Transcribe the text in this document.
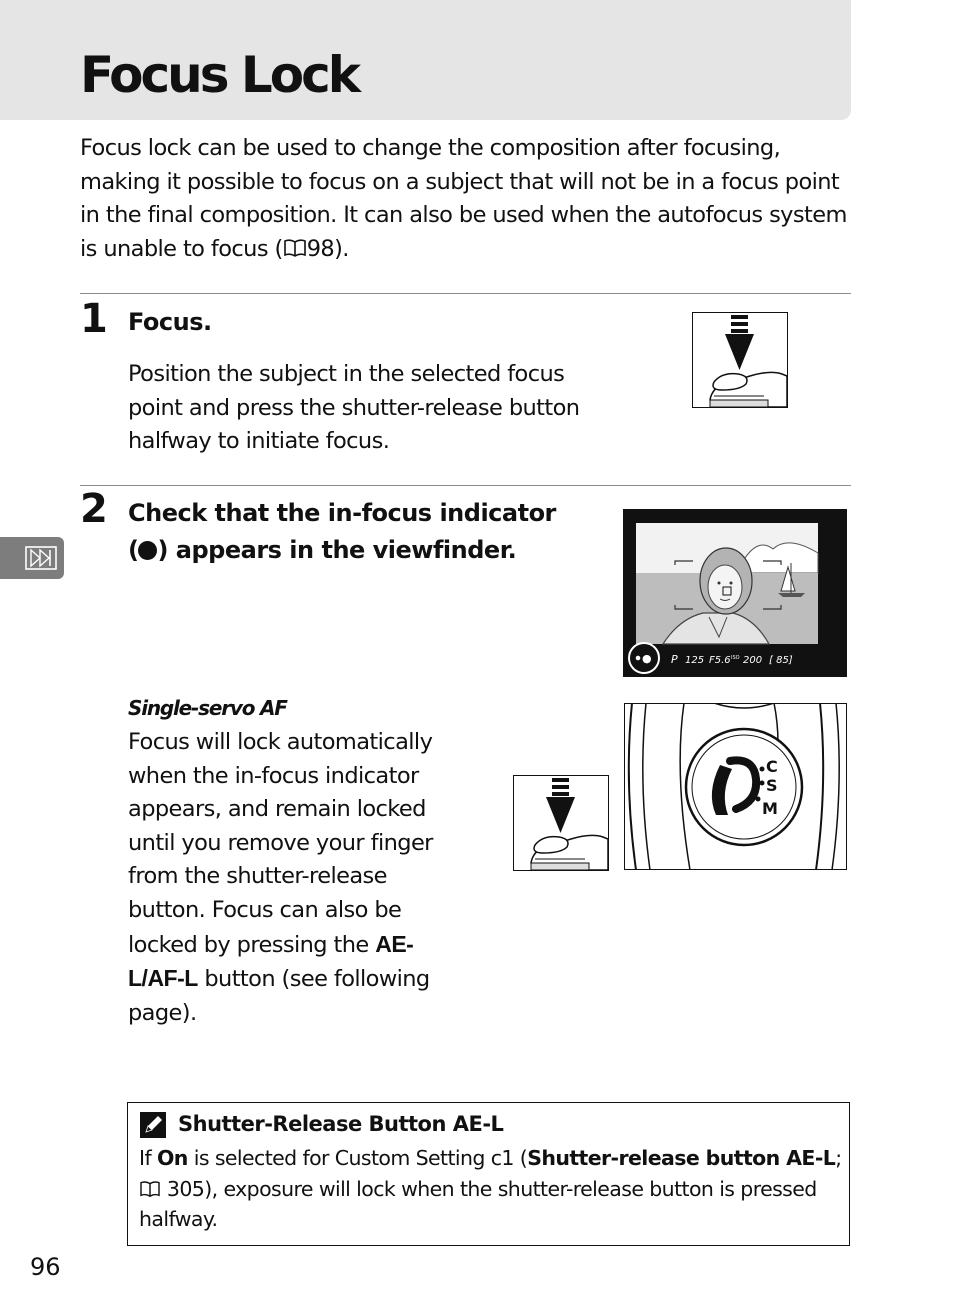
Focus Lock

Focus lock can be used to change the composition after focusing, making it possible to focus on a subject that will not be in a focus point in the final composition. It can also be used when the autofocus system is unable to focus ( 98).

1 Focus.

Position the subject in the selected focus point and press the shutter-release button halfway to initiate focus.

2 Check that the in-focus indicator
( ) appears in the viewfinder.
● P 125 F5.6 ISO 200 [ 85]
Single-servo AF

Focus will lock automatically when the in-focus indicator appears, and remain locked until you remove your finger from the shutter-release button. Focus can also be locked by pressing the AE-L/AF-L button (see following page).

C
S
M
Shutter-Release Button AE-L

If On is selected for Custom Setting c1 (Shutter-release button AE-L;  305), exposure will lock when the shutter-release button is pressed halfway.

96
